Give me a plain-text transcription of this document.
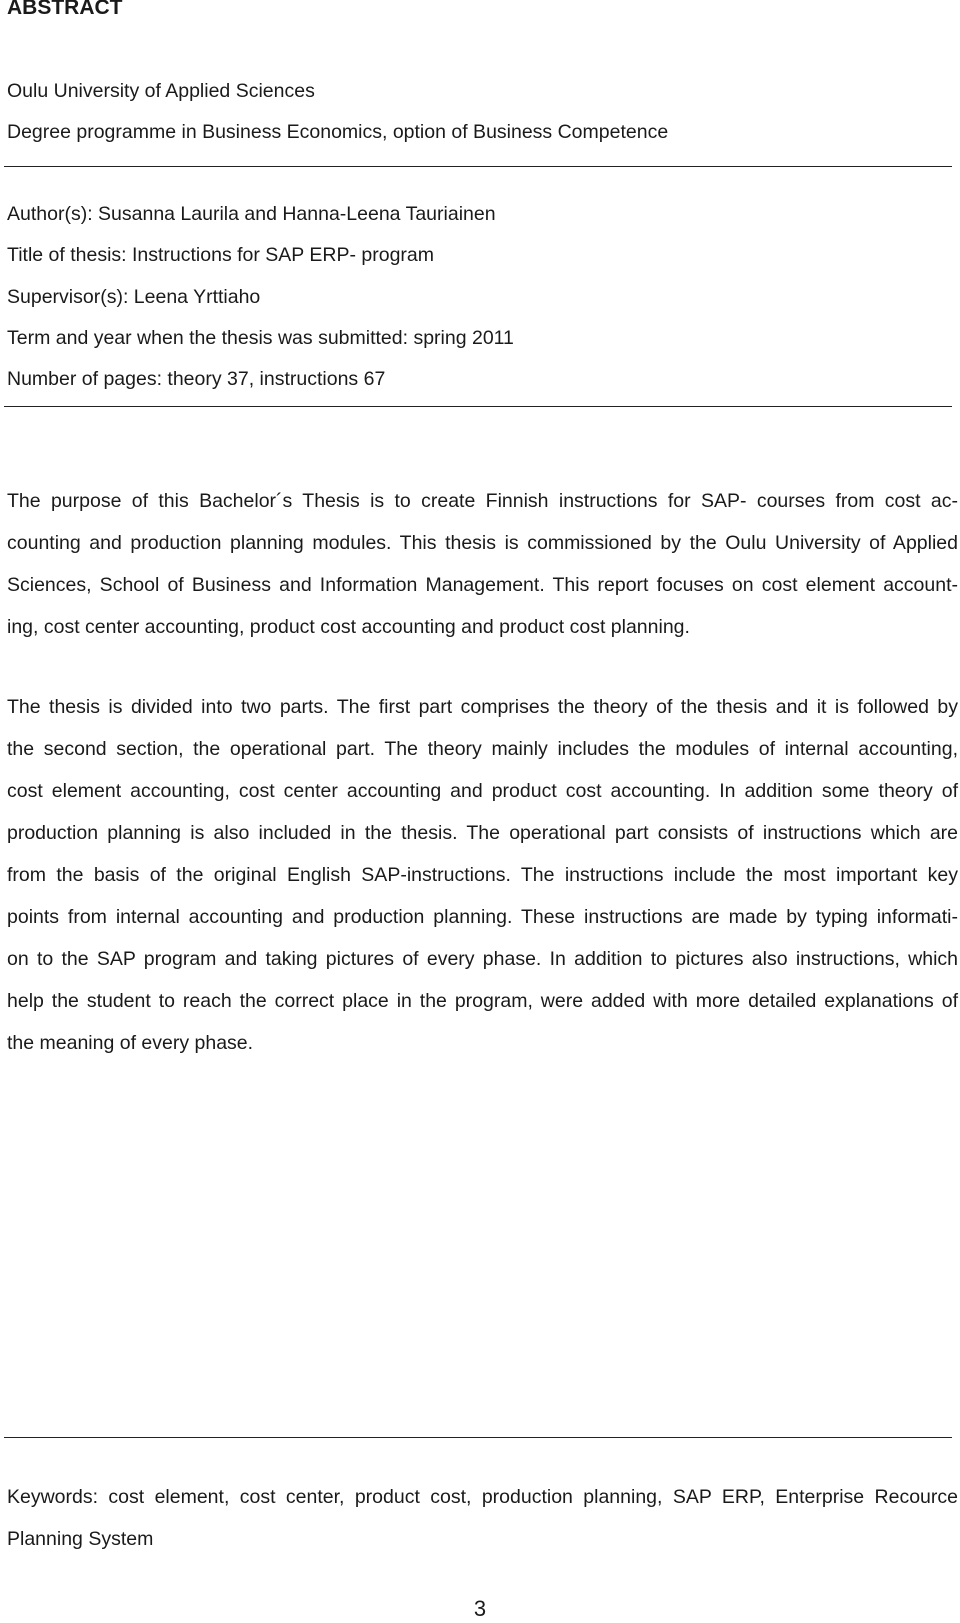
ABSTRACT
Oulu University of Applied Sciences
Degree programme in Business Economics, option of Business Competence
Author(s): Susanna Laurila and Hanna-Leena Tauriainen
Title of thesis: Instructions for SAP ERP- program
Supervisor(s): Leena Yrttiaho
Term and year when the thesis was submitted: spring 2011
Number of pages: theory 37, instructions 67
The purpose of this Bachelor´s Thesis is to create Finnish instructions for SAP- courses from cost ac-
counting and production planning modules. This thesis is commissioned by the Oulu University of Applied
Sciences, School of Business and Information Management. This report focuses on cost element account-
ing, cost center accounting, product cost accounting and product cost planning.
The thesis is divided into two parts. The first part comprises the theory of the thesis and it is followed by
the second section, the operational part. The theory mainly includes the modules of internal accounting,
cost element accounting, cost center accounting and product cost accounting. In addition some theory of
production planning is also included in the thesis. The operational part consists of instructions which are
from the basis of the original English SAP-instructions. The instructions include the most important key
points from internal accounting and production planning. These instructions are made by typing informati-
on to the SAP program and taking pictures of every phase. In addition to pictures also instructions, which
help the student to reach the correct place in the program, were added with more detailed explanations of
the meaning of every phase.
Keywords: cost element, cost center, product cost, production planning, SAP ERP, Enterprise Recource
Planning System
3
